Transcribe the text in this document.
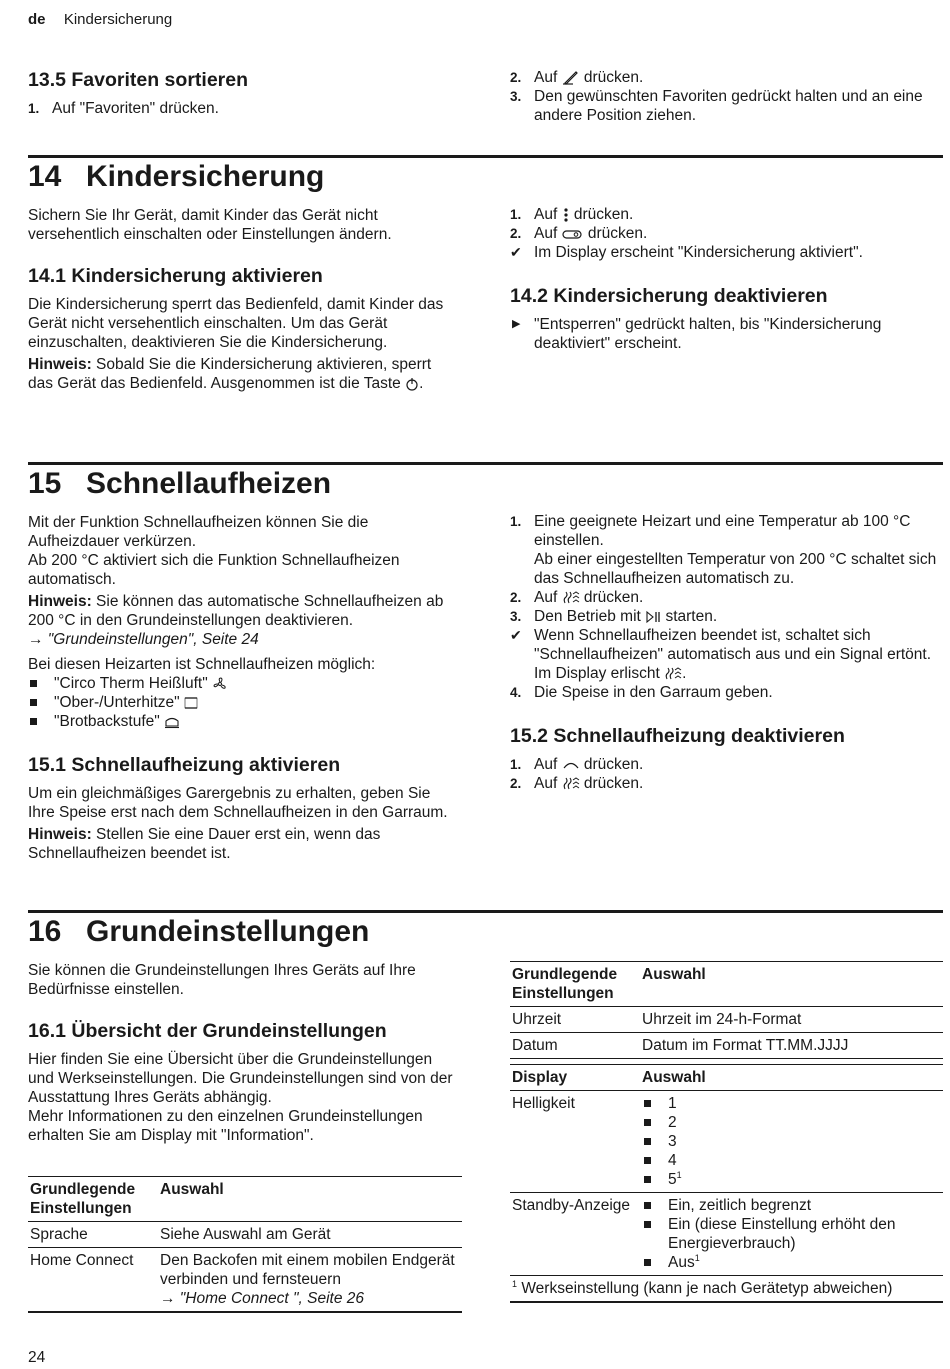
de Kindersicherung
13.5 Favoriten sortieren
1. Auf "Favoriten" drücken.
2. Auf drücken.
3. Den gewünschten Favoriten gedrückt halten und an eine andere Position ziehen.
14 Kindersicherung

Sichern Sie Ihr Gerät, damit Kinder das Gerät nicht versehentlich einschalten oder Einstellungen ändern.

14.1 Kindersicherung aktivieren

Die Kindersicherung sperrt das Bedienfeld, damit Kinder das Gerät nicht versehentlich einschalten. Um das Gerät einzuschalten, deaktivieren Sie die Kindersicherung.

Hinweis: Sobald Sie die Kindersicherung aktivieren, sperrt das Gerät das Bedienfeld. Ausgenommen ist die Taste .

1. Auf drücken.
2. Auf drücken.
✔ Im Display erscheint "Kindersicherung aktiviert".
14.2 Kindersicherung deaktivieren
▶ "Entsperren" gedrückt halten, bis "Kindersicherung deaktiviert" erscheint.
15 Schnellaufheizen

Mit der Funktion Schnellaufheizen können Sie die Aufheizdauer verkürzen.

Ab 200 °C aktiviert sich die Funktion Schnellaufheizen automatisch.

Hinweis: Sie können das automatische Schnellaufheizen ab 200 °C in den Grundeinstellungen deaktivieren.

→ "Grundeinstellungen", Seite 24

Bei diesen Heizarten ist Schnellaufheizen möglich:

"Circo Therm Heißluft"
"Ober-/Unterhitze"
"Brotbackstufe"
15.1 Schnellaufheizung aktivieren

Um ein gleichmäßiges Garergebnis zu erhalten, geben Sie Ihre Speise erst nach dem Schnellaufheizen in den Garraum.

Hinweis: Stellen Sie eine Dauer erst ein, wenn das Schnellaufheizen beendet ist.

1. Eine geeignete Heizart und eine Temperatur ab 100 °C einstellen.
Ab einer eingestellten Temperatur von 200 °C schaltet sich das Schnellaufheizen automatisch zu.
2. Auf drücken.
3. Den Betrieb mit starten.
✔ Wenn Schnellaufheizen beendet ist, schaltet sich "Schnellaufheizen" automatisch aus und ein Signal ertönt. Im Display erlischt .
4. Die Speise in den Garraum geben.
15.2 Schnellaufheizung deaktivieren
1. Auf drücken.
2. Auf drücken.
16 Grundeinstellungen

Sie können die Grundeinstellungen Ihres Geräts auf Ihre Bedürfnisse einstellen.

16.1 Übersicht der Grundeinstellungen

Hier finden Sie eine Übersicht über die Grundeinstellungen und Werkseinstellungen. Die Grundeinstellungen sind von der Ausstattung Ihres Geräts abhängig.

Mehr Informationen zu den einzelnen Grundeinstellungen erhalten Sie am Display mit "Information".

Grundlegende Einstellungen	Auswahl
Sprache	Siehe Auswahl am Gerät
Home Connect	Den Backofen mit einem mobilen Endgerät verbinden und fernsteuern
→ "Home Connect ", Seite 26
Grundlegende Einstellungen	Auswahl
Uhrzeit	Uhrzeit im 24-h-Format
Datum	Datum im Format TT.MM.JJJJ
Display	Auswahl
Helligkeit	1
2
3
4
$5^1$

Standby-Anzeige	Ein, zeitlich begrenzt
Ein (diese Einstellung erhöht den Energieverbrauch)
Aus$^1$

$^1$ Werkseinstellung (kann je nach Gerätetyp abweichen)	
24
